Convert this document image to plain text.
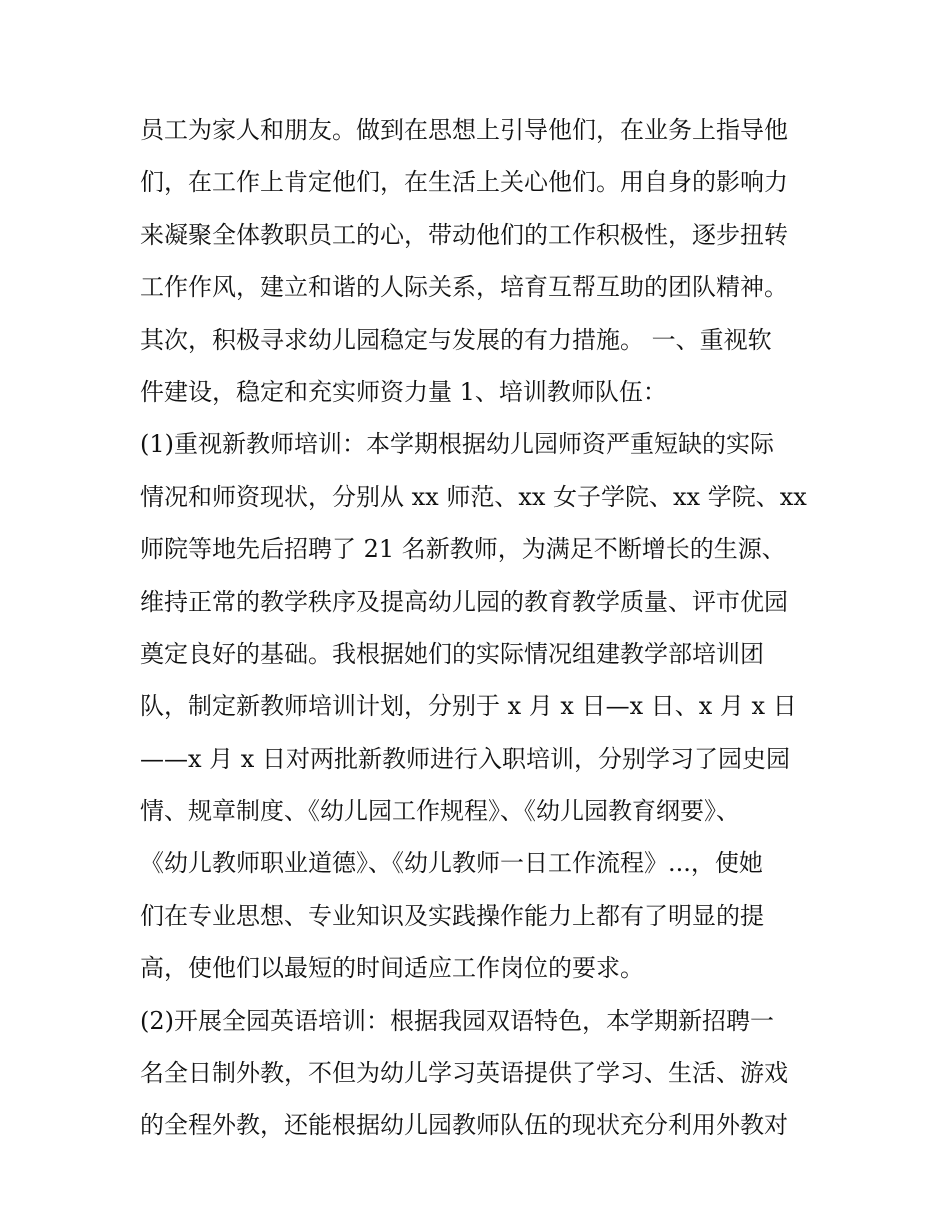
员工为家人和朋友。做到在思想上引导他们，在业务上指导他
们，在工作上肯定他们，在生活上关心他们。用自身的影响力
来凝聚全体教职员工的心，带动他们的工作积极性，逐步扭转
工作作风，建立和谐的人际关系，培育互帮互助的团队精神。
其次，积极寻求幼儿园稳定与发展的有力措施。 一、重视软
件建设，稳定和充实师资力量 1、培训教师队伍：
(1)重视新教师培训：本学期根据幼儿园师资严重短缺的实际
情况和师资现状，分别从 xx 师范、xx 女子学院、xx 学院、xx
师院等地先后招聘了 21 名新教师，为满足不断增长的生源、
维持正常的教学秩序及提高幼儿园的教育教学质量、评市优园
奠定良好的基础。我根据她们的实际情况组建教学部培训团
队，制定新教师培训计划，分别于 x 月 x 日—x 日、x 月 x 日
——x 月 x 日对两批新教师进行入职培训，分别学习了园史园
情、规章制度、《幼儿园工作规程》、《幼儿园教育纲要》、
《幼儿教师职业道德》、《幼儿教师一日工作流程》...，使她
们在专业思想、专业知识及实践操作能力上都有了明显的提
高，使他们以最短的时间适应工作岗位的要求。
(2)开展全园英语培训：根据我园双语特色，本学期新招聘一
名全日制外教，不但为幼儿学习英语提供了学习、生活、游戏
的全程外教，还能根据幼儿园教师队伍的现状充分利用外教对
